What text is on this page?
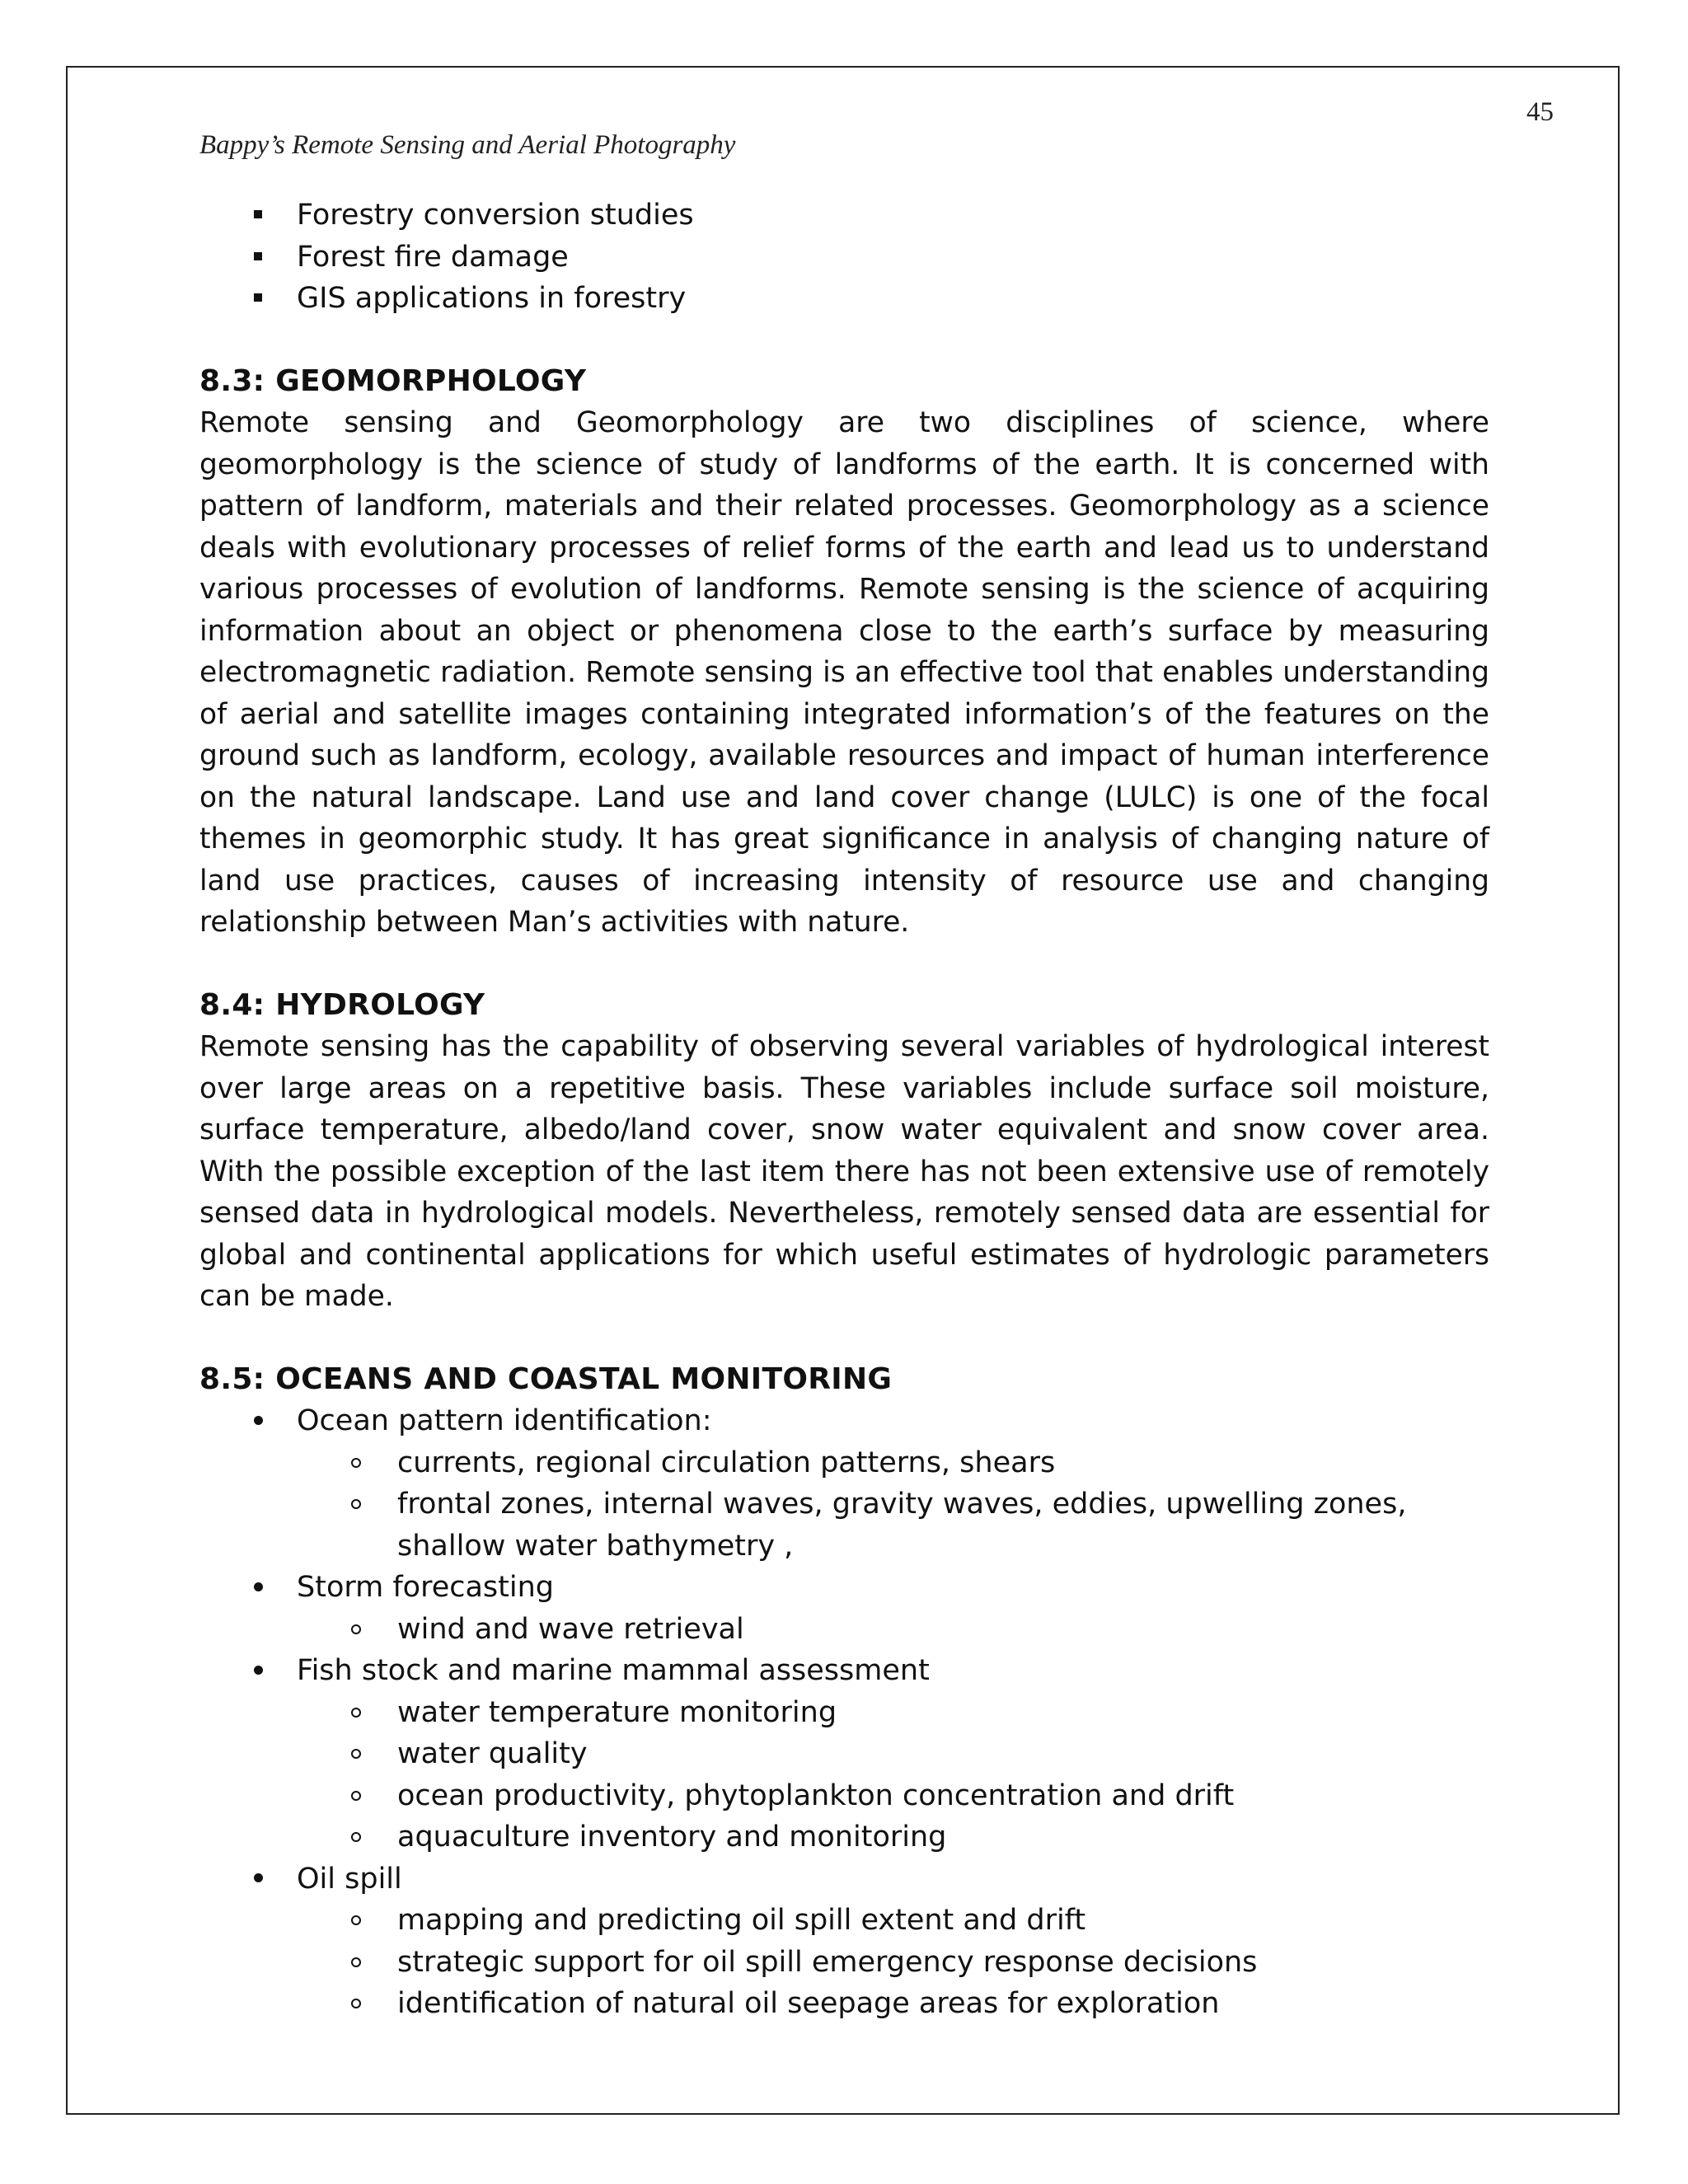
45
Bappy’s Remote Sensing and Aerial Photography
Forestry conversion studies
Forest fire damage
GIS applications in forestry
8.3: GEOMORPHOLOGY

Remote sensing and Geomorphology are two disciplines of science, where geomorphology is the science of study of landforms of the earth. It is concerned with pattern of landform, materials and their related processes. Geomorphology as a science deals with evolutionary processes of relief forms of the earth and lead us to understand various processes of evolution of landforms. Remote sensing is the science of acquiring information about an object or phenomena close to the earth’s surface by measuring electromagnetic radiation. Remote sensing is an effective tool that enables understanding of aerial and satellite images containing integrated information’s of the features on the ground such as landform, ecology, available resources and impact of human interference on the natural landscape. Land use and land cover change (LULC) is one of the focal themes in geomorphic study. It has great significance in analysis of changing nature of land use practices, causes of increasing intensity of resource use and changing relationship between Man’s activities with nature.

8.4: HYDROLOGY

Remote sensing has the capability of observing several variables of hydrological interest over large areas on a repetitive basis. These variables include surface soil moisture, surface temperature, albedo/land cover, snow water equivalent and snow cover area. With the possible exception of the last item there has not been extensive use of remotely sensed data in hydrological models. Nevertheless, remotely sensed data are essential for global and continental applications for which useful estimates of hydrologic parameters can be made.

8.5: OCEANS AND COASTAL MONITORING
Ocean pattern identification:
currents, regional circulation patterns, shears
frontal zones, internal waves, gravity waves, eddies, upwelling zones, shallow water bathymetry ,
Storm forecasting
wind and wave retrieval
Fish stock and marine mammal assessment
water temperature monitoring
water quality
ocean productivity, phytoplankton concentration and drift
aquaculture inventory and monitoring
Oil spill
mapping and predicting oil spill extent and drift
strategic support for oil spill emergency response decisions
identification of natural oil seepage areas for exploration
